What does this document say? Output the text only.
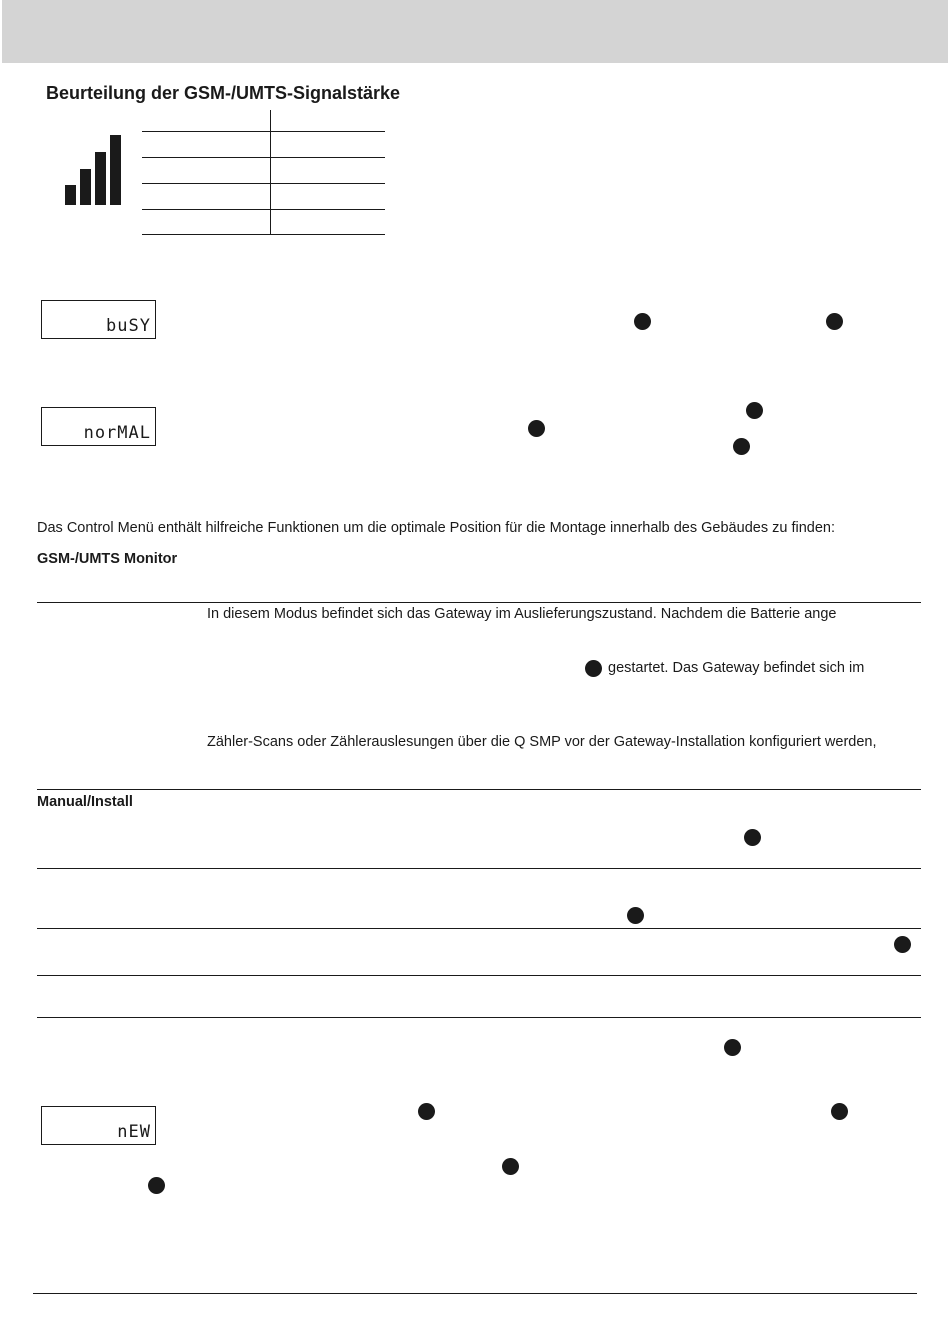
Beurteilung der GSM-/UMTS-Signalstärke
buSY
norMAL
nEW
Das Control Menü enthält hilfreiche Funktionen um die optimale Position für die Montage innerhalb des Gebäudes zu finden:
GSM-/UMTS Monitor
In diesem Modus befindet sich das Gateway im Auslieferungszustand. Nachdem die Batterie ange
gestartet. Das Gateway befindet sich im
Zähler-Scans oder Zählerauslesungen über die Q SMP vor der Gateway-Installation konfiguriert werden,
Manual/Install
